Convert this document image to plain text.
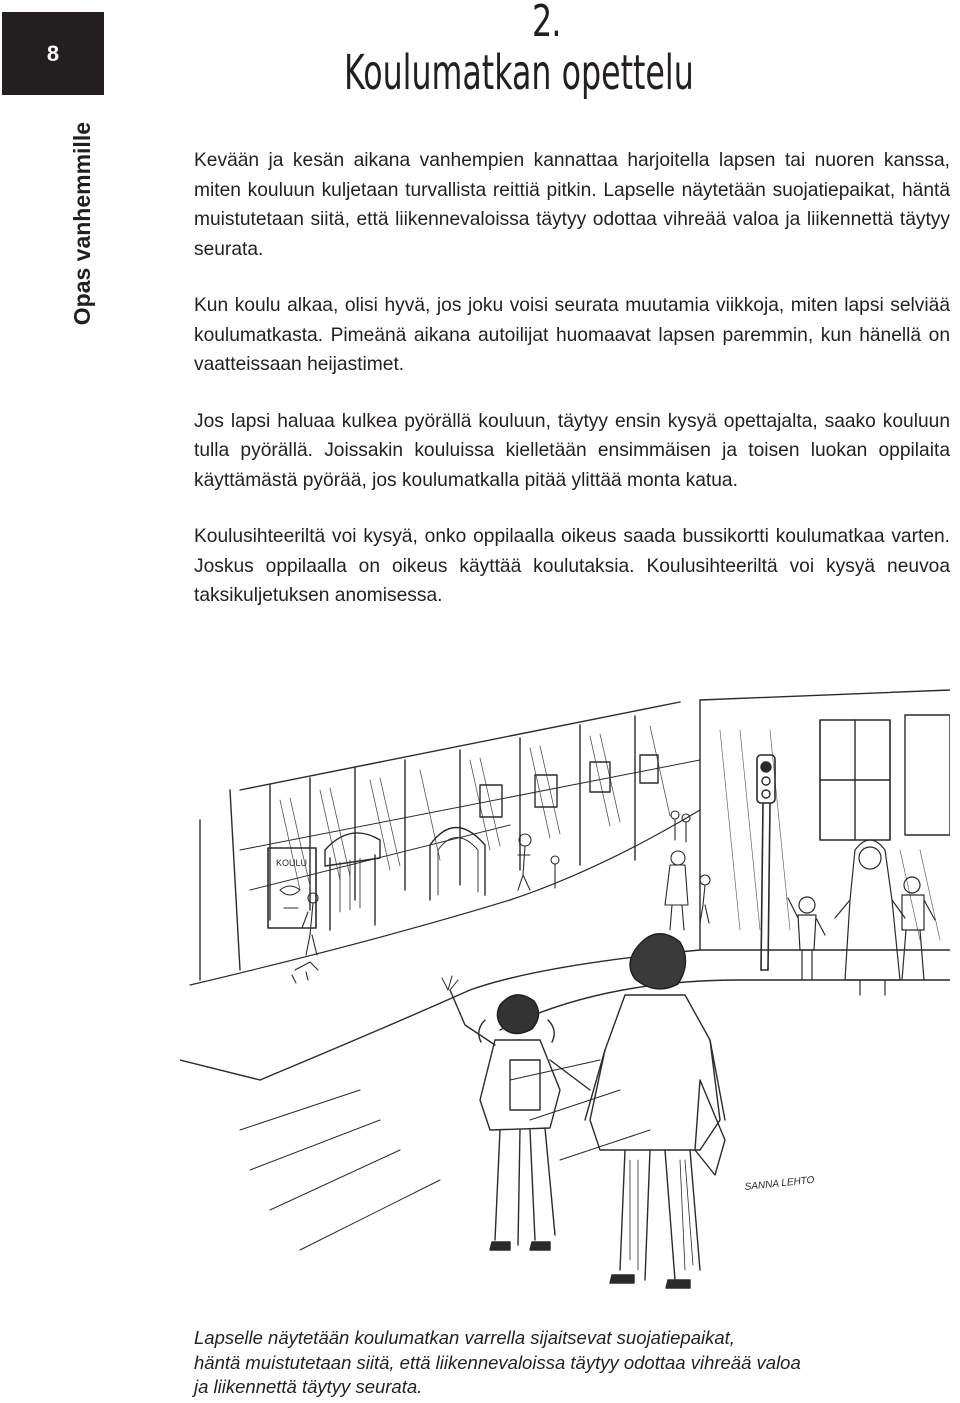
8
Opas vanhemmille
2.
Koulumatkan opettelu

Kevään ja kesän aikana vanhempien kannattaa harjoitella lapsen tai nuoren kanssa, miten kouluun kuljetaan turvallista reittiä pitkin. Lapselle näytetään suojatiepaikat, häntä muistutetaan siitä, että liikennevaloissa täytyy odottaa vihreää valoa ja liikennettä täytyy seurata.

Kun koulu alkaa, olisi hyvä, jos joku voisi seurata muutamia viikkoja, miten lapsi selviää koulumatkasta. Pimeänä aikana autoilijat huomaavat lapsen paremmin, kun hänellä on vaatteissaan heijastimet.

Jos lapsi haluaa kulkea pyörällä kouluun, täytyy ensin kysyä opettajalta, saako kouluun tulla pyörällä. Joissakin kouluissa kielletään ensimmäisen ja toisen luokan oppilaita käyttämästä pyörää, jos koulumatkalla pitää ylittää monta katua.

Koulusihteeriltä voi kysyä, onko oppilaalla oikeus saada bussikortti koulumatkaa varten. Joskus oppilaalla on oikeus käyttää koulutaksia. Koulusihteeriltä voi kysyä neuvoa taksikuljetuksen anomisessa.

KOULU
SANNA LEHTO
Lapselle näytetään koulumatkan varrella sijaitsevat suojatiepaikat,
häntä muistutetaan siitä, että liikennevaloissa täytyy odottaa vihreää valoa
ja liikennettä täytyy seurata.
